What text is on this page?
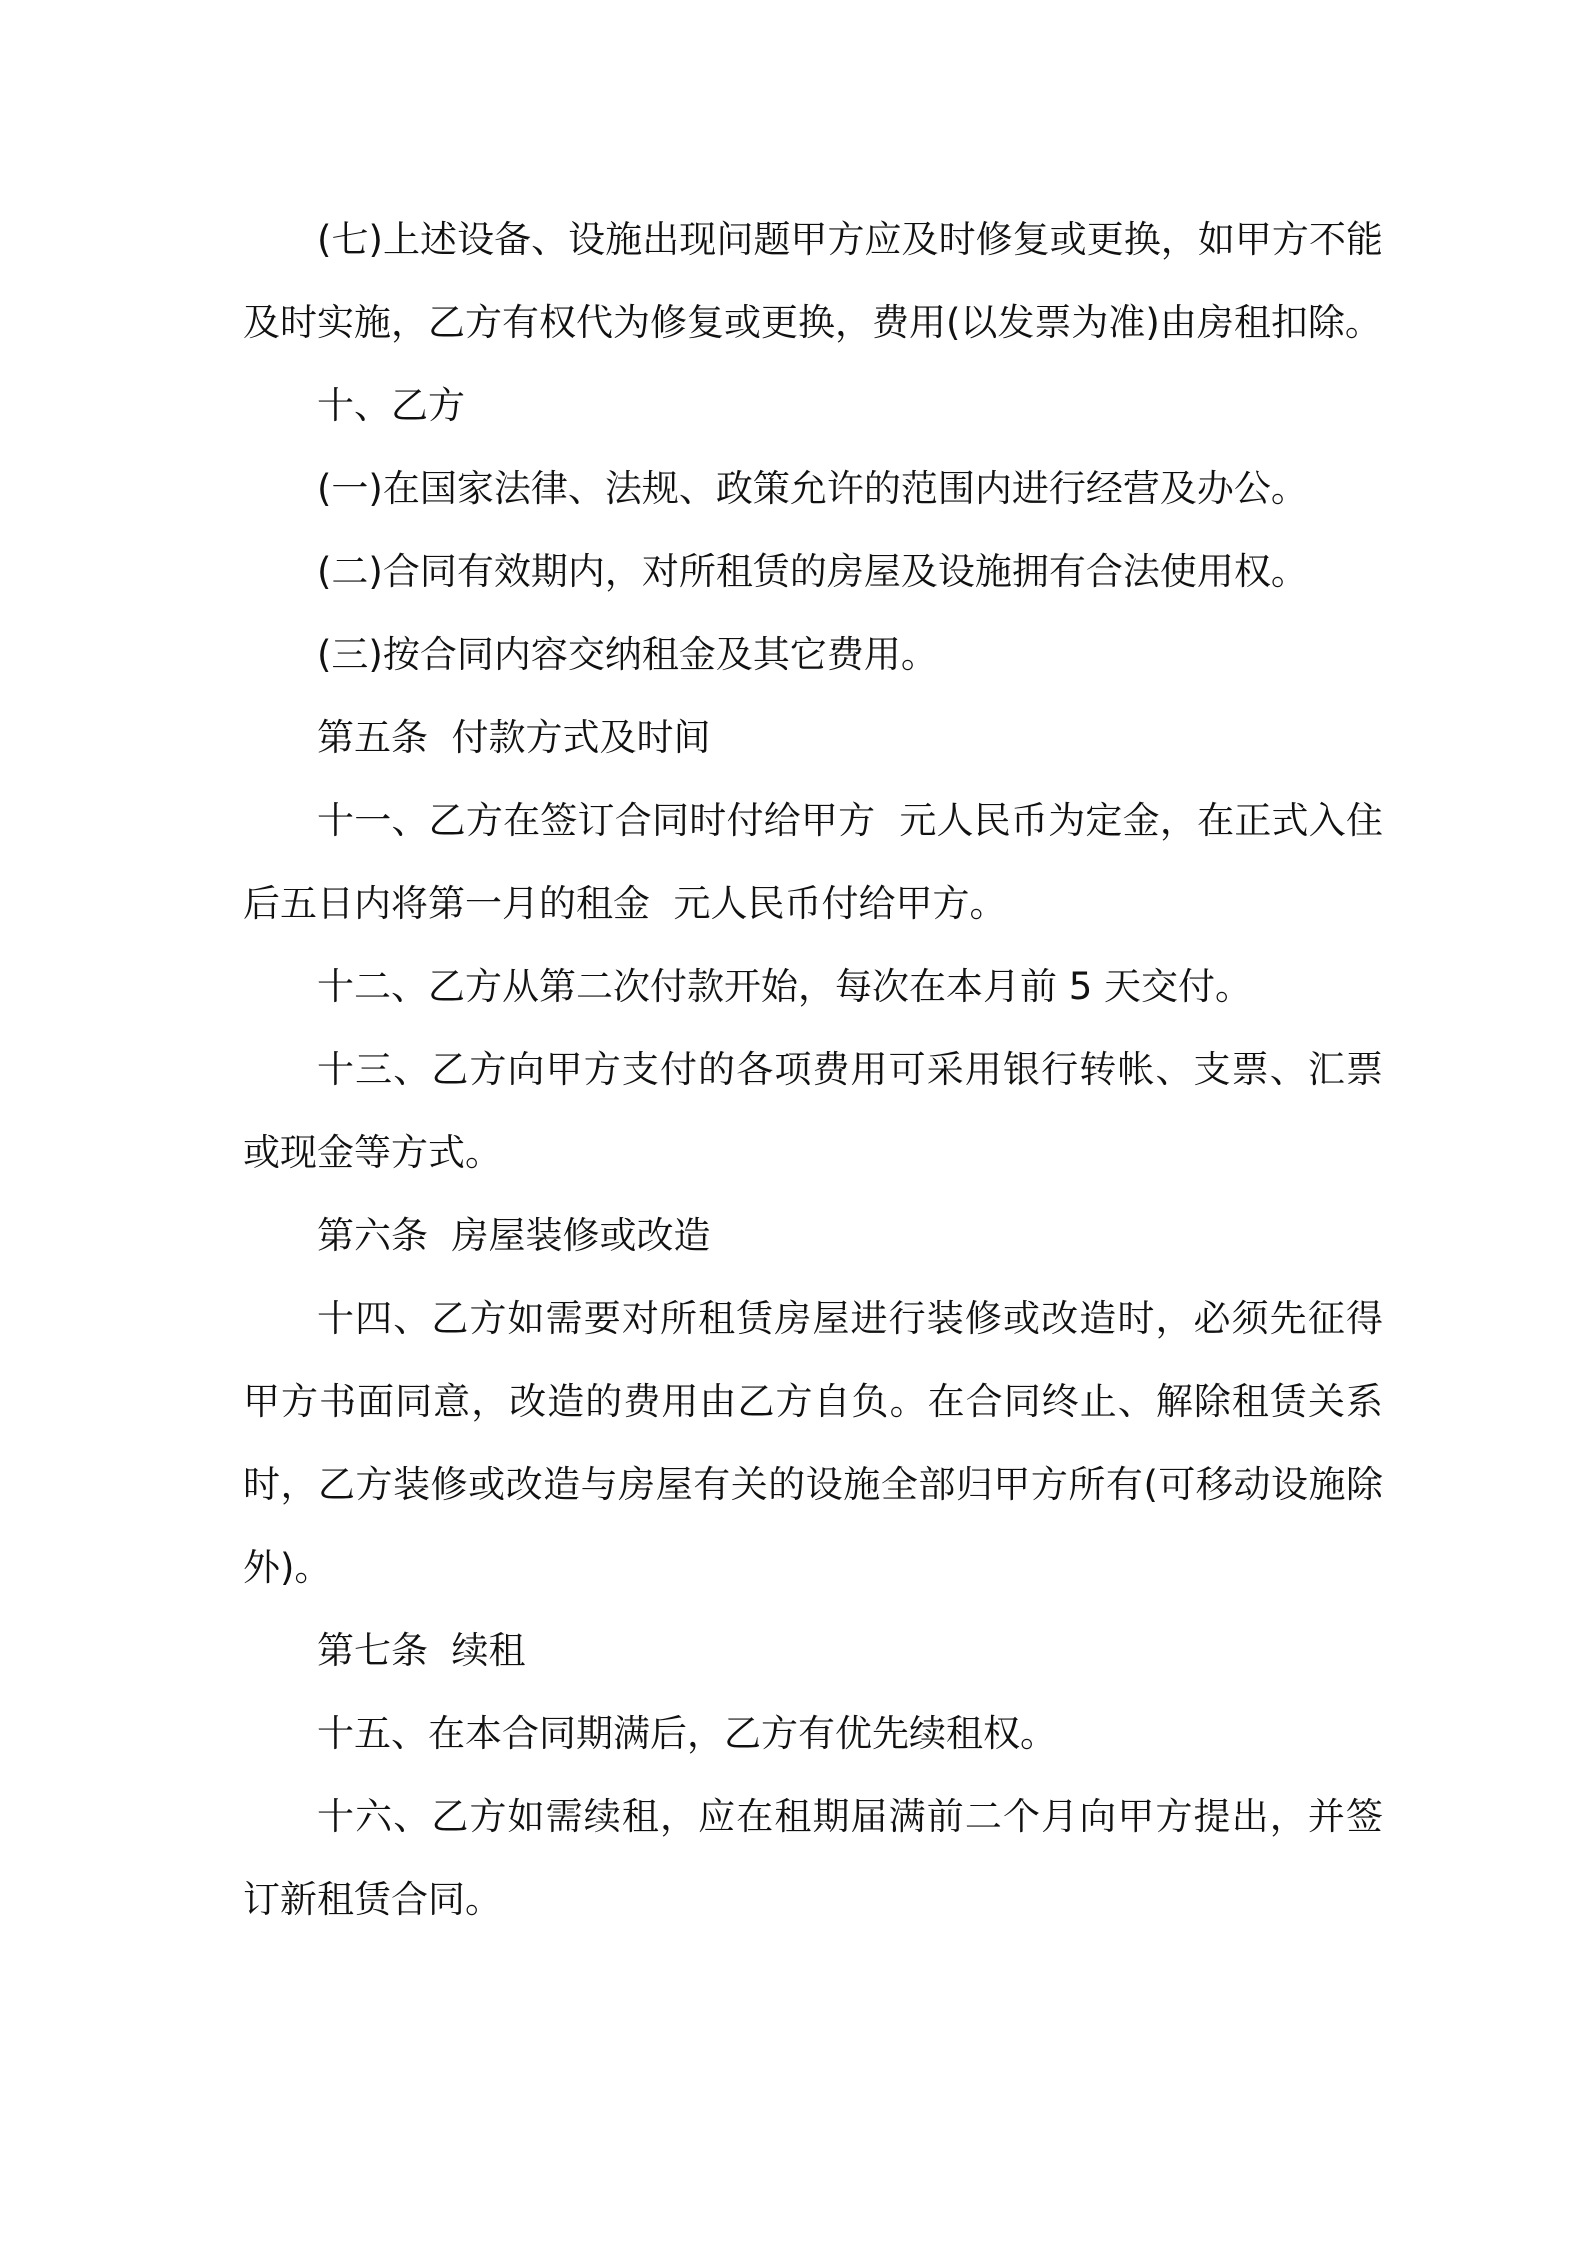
(七)上述设备、设施出现问题甲方应及时修复或更换，如甲方不能及时实施，乙方有权代为修复或更换，费用(以发票为准)由房租扣除。

十、乙方

(一)在国家法律、法规、政策允许的范围内进行经营及办公。

(二)合同有效期内，对所租赁的房屋及设施拥有合法使用权。

(三)按合同内容交纳租金及其它费用。

第五条  付款方式及时间

十一、乙方在签订合同时付给甲方  元人民币为定金，在正式入住后五日内将第一月的租金  元人民币付给甲方。

十二、乙方从第二次付款开始，每次在本月前 5 天交付。

十三、乙方向甲方支付的各项费用可采用银行转帐、支票、汇票或现金等方式。

第六条  房屋装修或改造

十四、乙方如需要对所租赁房屋进行装修或改造时，必须先征得甲方书面同意，改造的费用由乙方自负。在合同终止、解除租赁关系时，乙方装修或改造与房屋有关的设施全部归甲方所有(可移动设施除外)。

第七条  续租

十五、在本合同期满后，乙方有优先续租权。

十六、乙方如需续租，应在租期届满前二个月向甲方提出，并签订新租赁合同。
